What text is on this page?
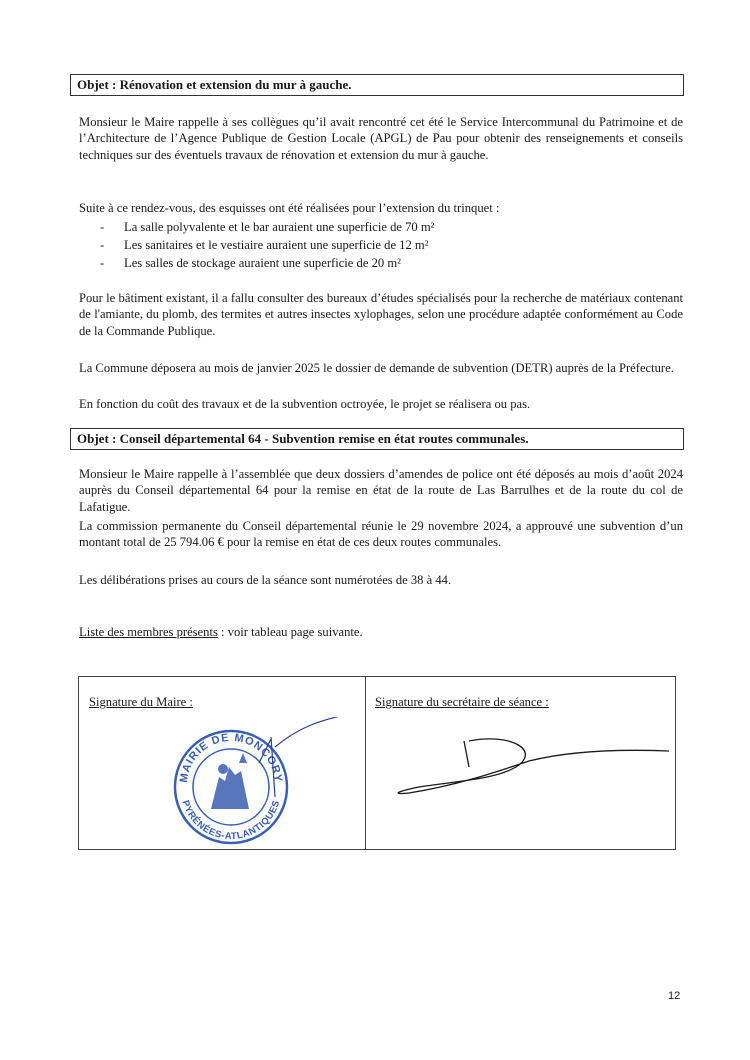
Objet : Rénovation et extension du mur à gauche.

Monsieur le Maire rappelle à ses collègues qu’il avait rencontré cet été le Service Intercommunal du Patrimoine et de l’Architecture de l’Agence Publique de Gestion Locale (APGL) de Pau pour obtenir des renseignements et conseils techniques sur des éventuels travaux de rénovation et extension du mur à gauche.

Suite à ce rendez-vous, des esquisses ont été réalisées pour l’extension du trinquet :

- La salle polyvalente et le bar auraient une superficie de 70 m²
- Les sanitaires et le vestiaire auraient une superficie de 12 m²
- Les salles de stockage auraient une superficie de 20 m²

Pour le bâtiment existant, il a fallu consulter des bureaux d’études spécialisés pour la recherche de matériaux contenant de l'amiante, du plomb, des termites et autres insectes xylophages, selon une procédure adaptée conformément au Code de la Commande Publique.

La Commune déposera au mois de janvier 2025 le dossier de demande de subvention (DETR) auprès de la Préfecture.

En fonction du coût des travaux et de la subvention octroyée, le projet se réalisera ou pas.

Objet : Conseil départemental 64 - Subvention remise en état routes communales.

Monsieur le Maire rappelle à l’assemblée que deux dossiers d’amendes de police ont été déposés au mois d’août 2024 auprès du Conseil départemental 64 pour la remise en état de la route de Las Barrulhes et de la route du col de Lafatigue.

La commission permanente du Conseil départemental réunie le 29 novembre 2024, a approuvé une subvention d’un montant total de 25 794.06 € pour la remise en état de ces deux routes communales.

Les délibérations prises au cours de la séance sont numérotées de 38 à 44.

Liste des membres présents : voir tableau page suivante.

Signature du Maire :	Signature du secrétaire de séance :
MAIRIE DE MONCORY
PYRÉNÉES-ATLANTIQUES
12
